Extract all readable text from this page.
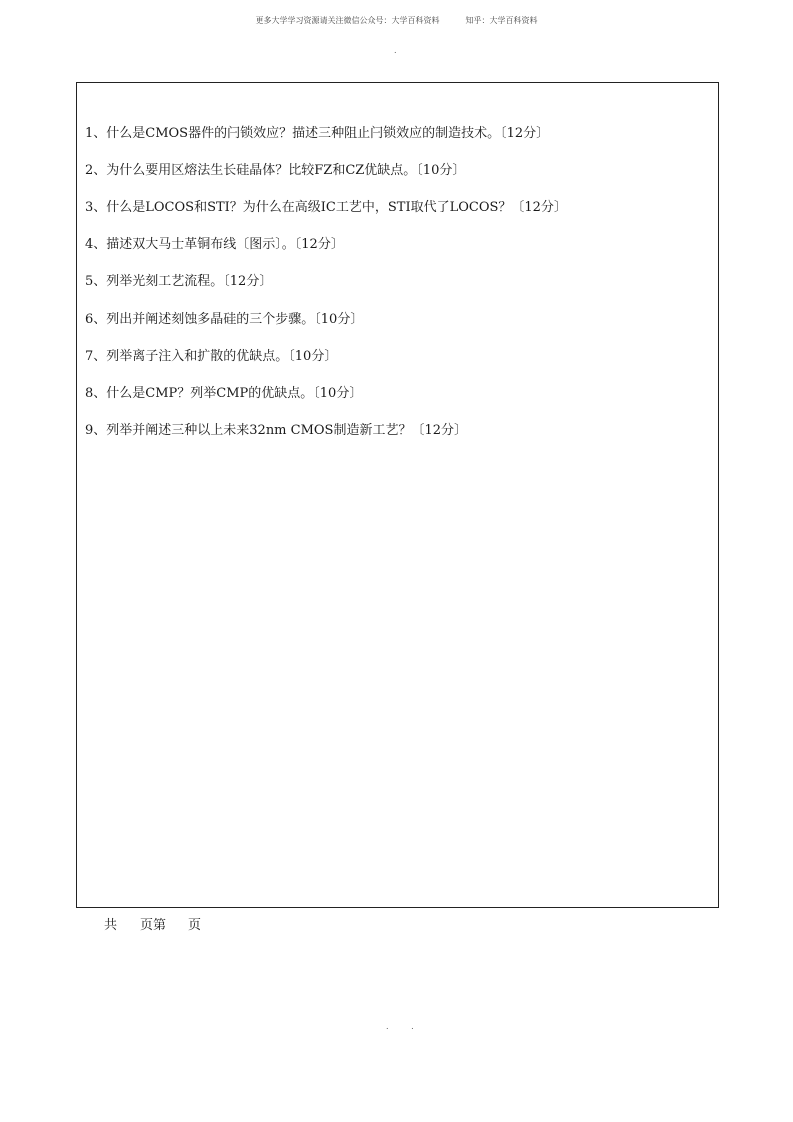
更多大学学习资源请关注微信公众号：大学百科资料	知乎：大学百科资料
.
1、什么是CMOS器件的闩锁效应？描述三种阻止闩锁效应的制造技术。〔12分〕
2、为什么要用区熔法生长硅晶体？比较FZ和CZ优缺点。〔10分〕
3、什么是LOCOS和STI？为什么在高级IC工艺中，STI取代了LOCOS？〔12分〕
4、描述双大马士革铜布线〔图示〕。〔12分〕
5、列举光刻工艺流程。〔12分〕
6、列出并阐述刻蚀多晶硅的三个步骤。〔10分〕
7、列举离子注入和扩散的优缺点。〔10分〕
8、什么是CMP？列举CMP的优缺点。〔10分〕
9、列举并阐述三种以上未来32nm CMOS制造新工艺？〔12分〕
共 页第 页
. .
